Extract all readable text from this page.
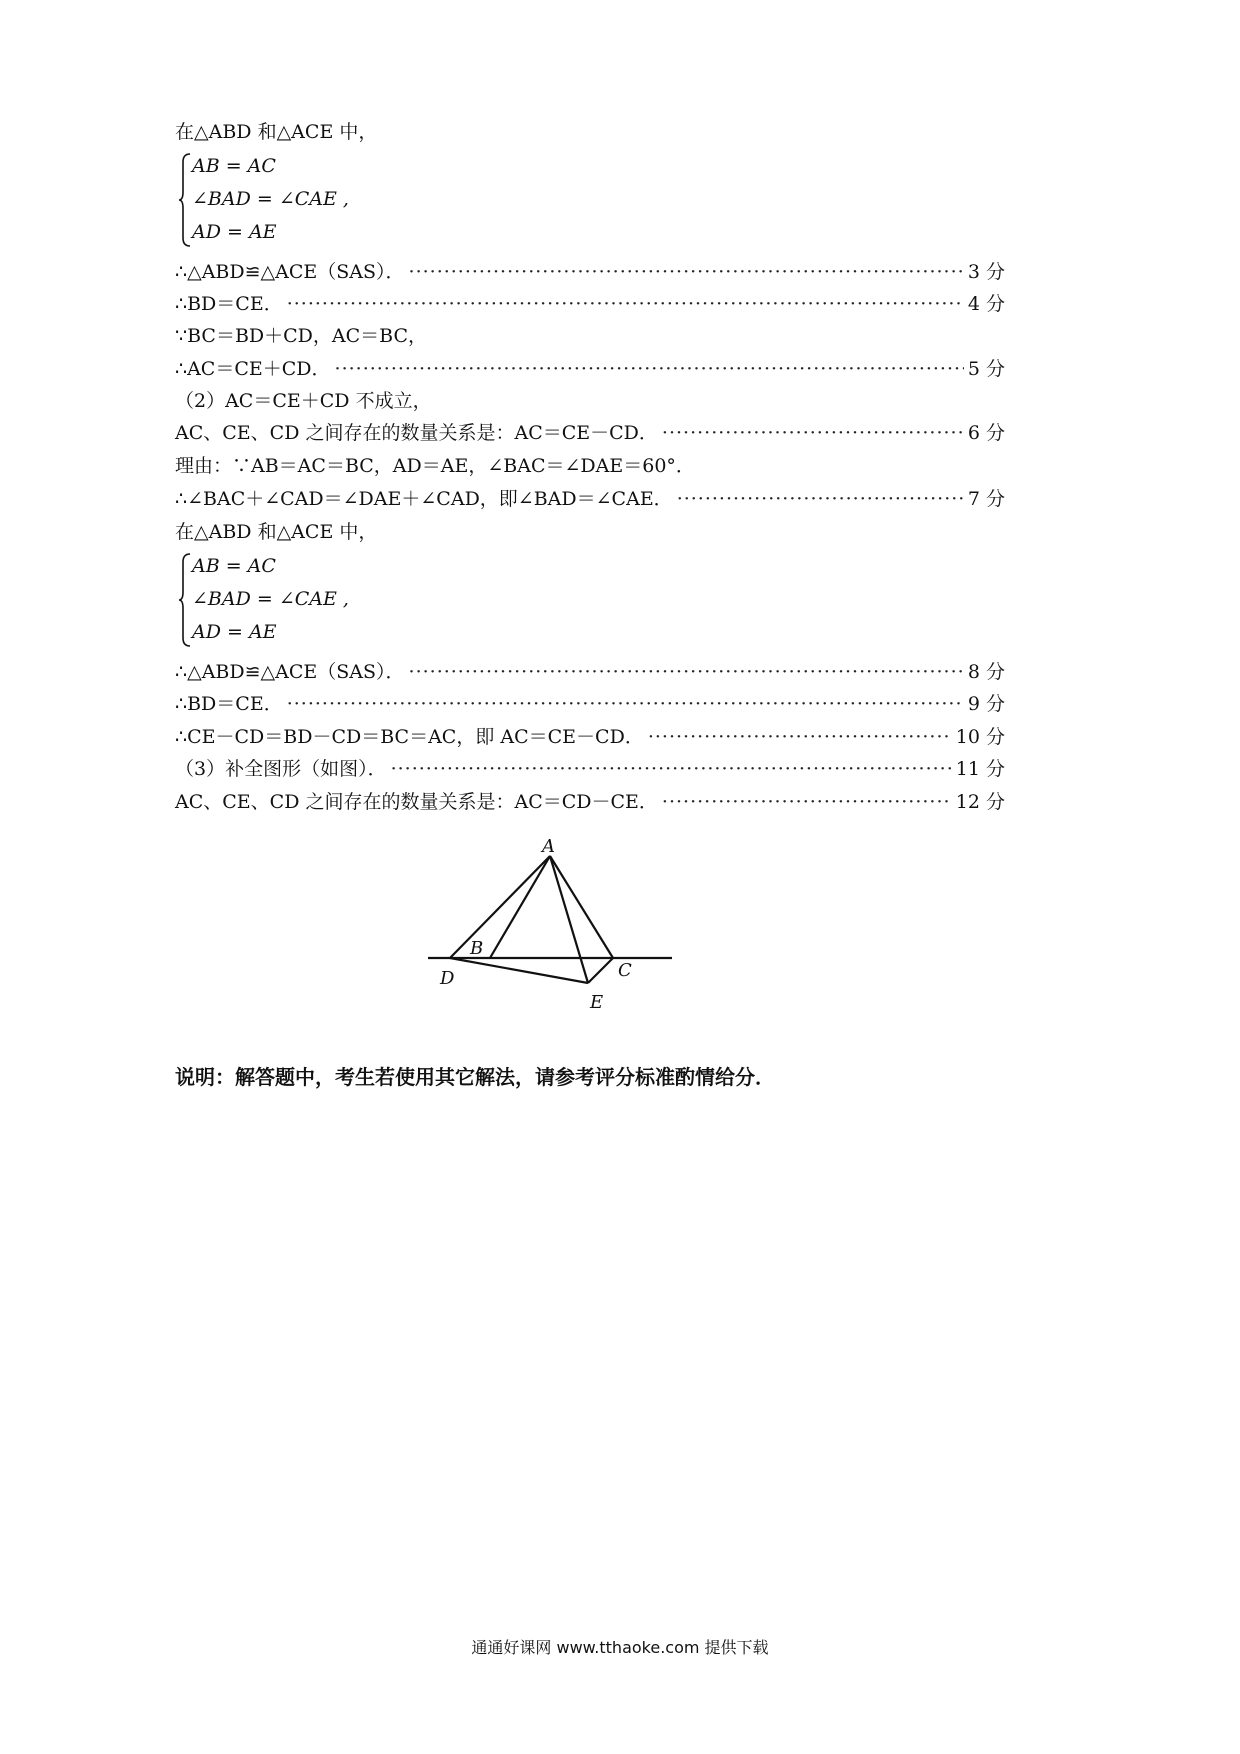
在△ABD 和△ACE 中，
AB = AC
∠BAD = ∠CAE ,
AD = AE
∴△ABD≌△ACE（SAS）． ·····	3 分
∴BD＝CE． ·····	4 分
∵BC＝BD＋CD，AC＝BC，
∴AC＝CE＋CD． ·····	5 分
（2）AC＝CE＋CD 不成立，
AC、CE、CD 之间存在的数量关系是：AC＝CE－CD． ·····	6 分
理由：∵AB＝AC＝BC，AD＝AE，∠BAC＝∠DAE＝60°．
∴∠BAC＋∠CAD＝∠DAE＋∠CAD，即∠BAD＝∠CAE． ·····	7 分
在△ABD 和△ACE 中，
AB = AC
∠BAD = ∠CAE ,
AD = AE
∴△ABD≌△ACE（SAS）． ·····	8 分
∴BD＝CE． ·····	9 分
∴CE－CD＝BD－CD＝BC＝AC，即 AC＝CE－CD． ·····	10 分
（3）补全图形（如图）． ·····	11 分
AC、CE、CD 之间存在的数量关系是：AC＝CD－CE． ·····	12 分
A
B
C
D
E
说明：解答题中，考生若使用其它解法，请参考评分标准酌情给分．
通通好课网 www.tthaoke.com 提供下载
